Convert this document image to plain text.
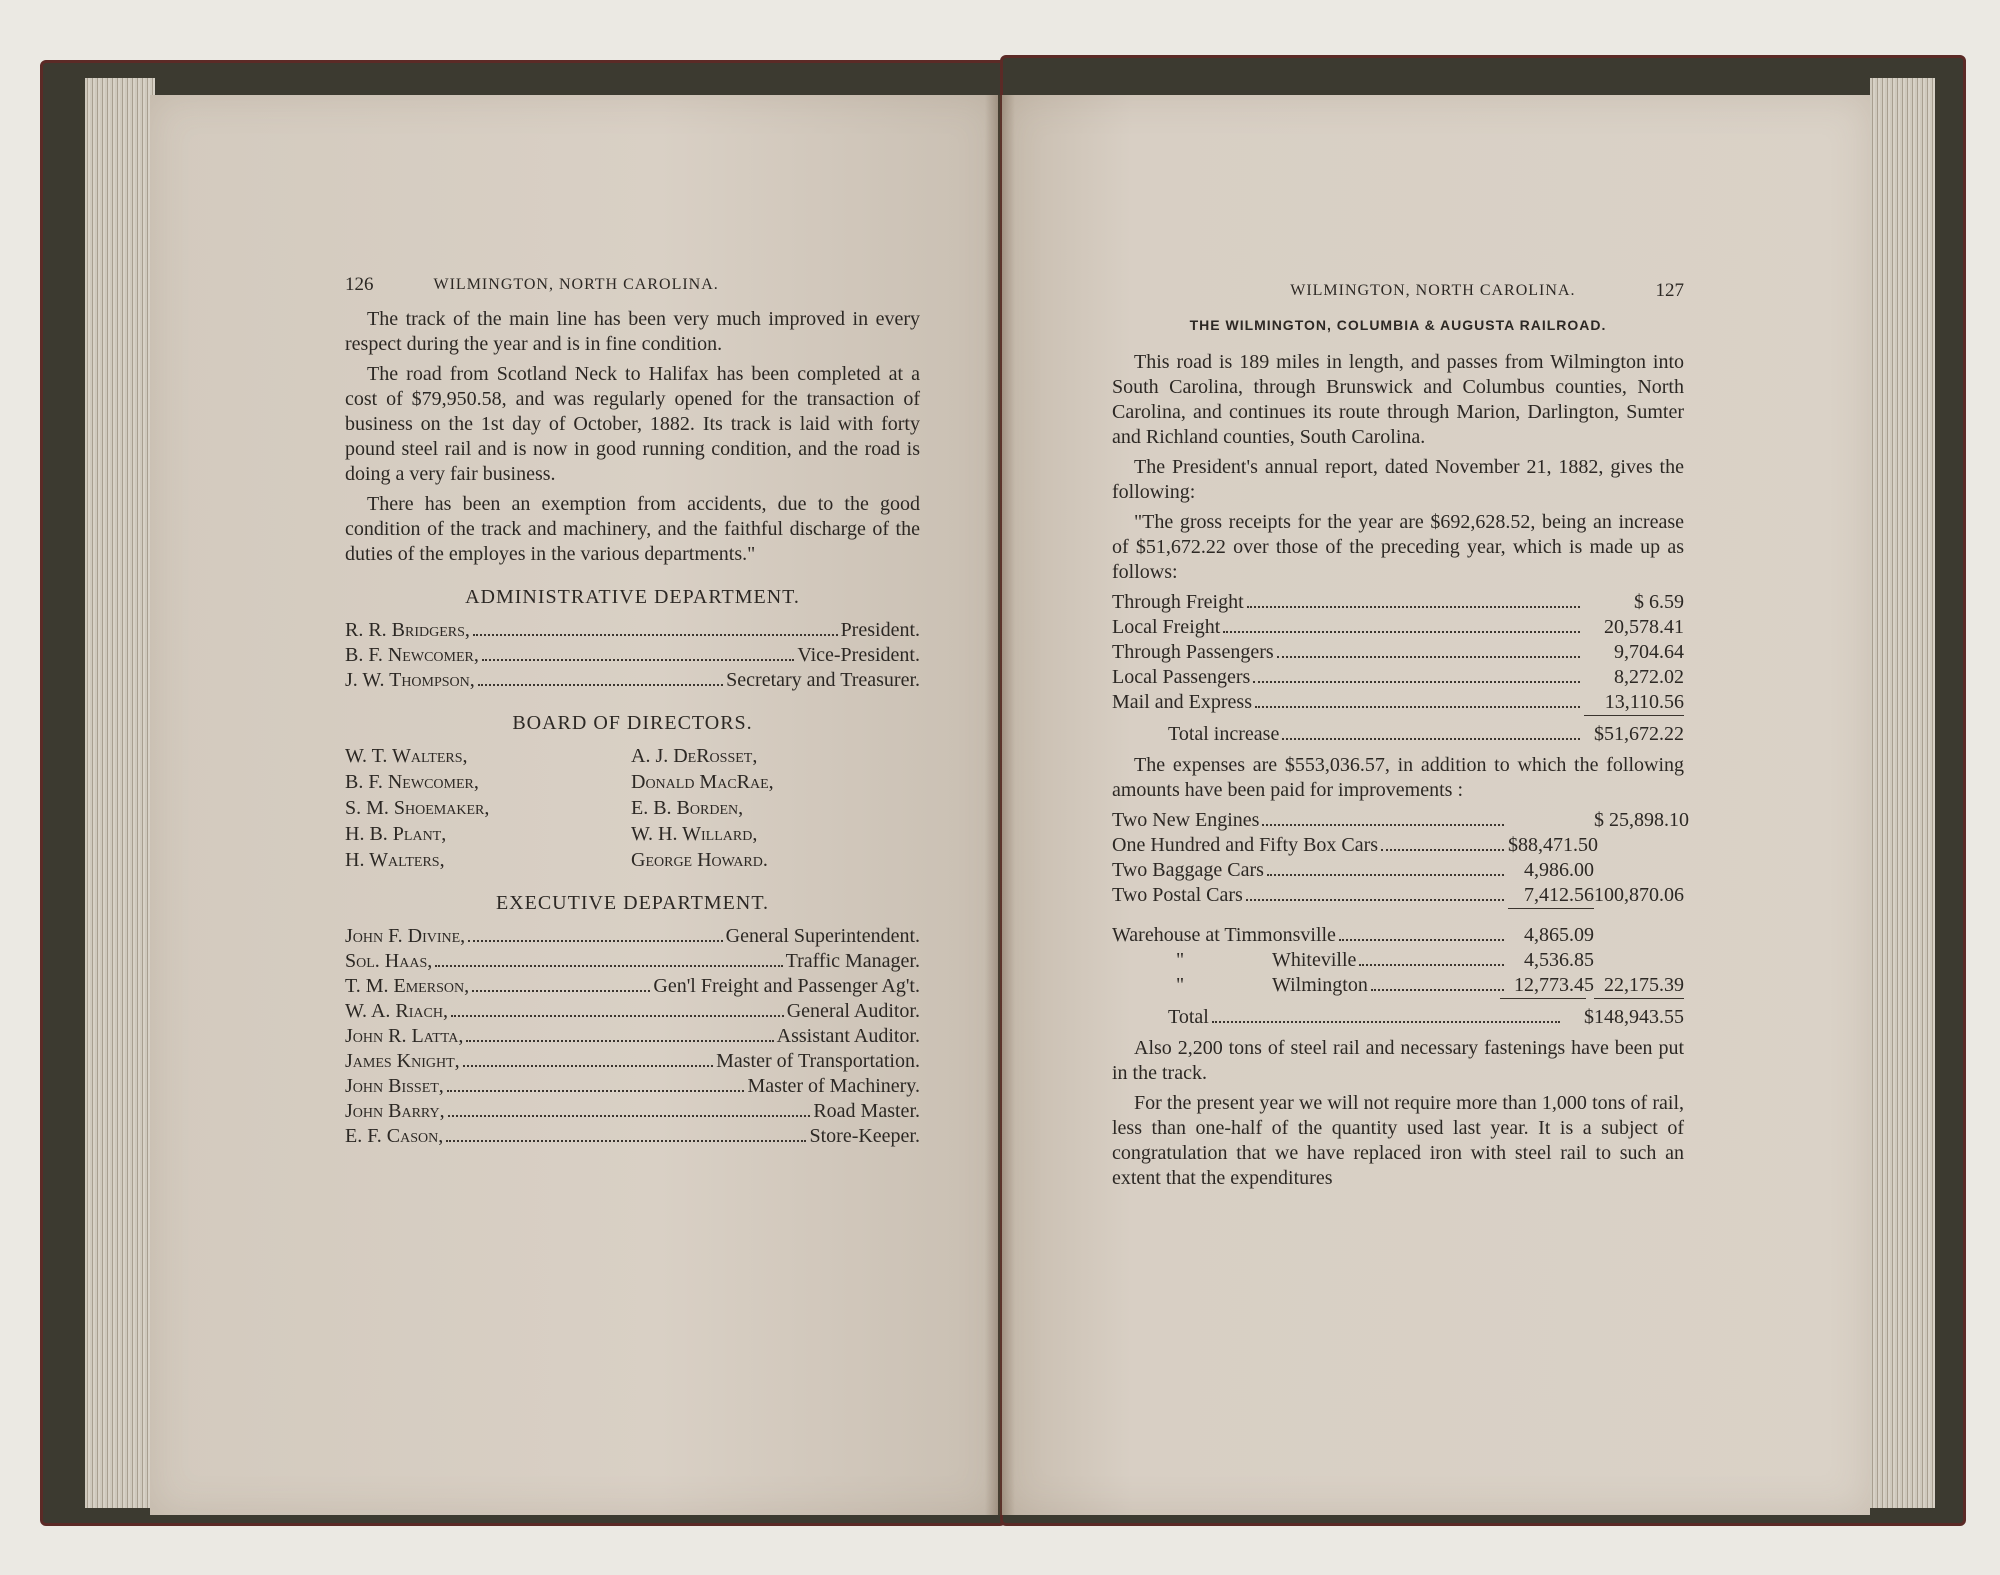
126	WILMINGTON, NORTH CAROLINA.

The track of the main line has been very much improved in every respect during the year and is in fine condition.

The road from Scotland Neck to Halifax has been completed at a cost of $79,950.58, and was regularly opened for the transaction of business on the 1st day of October, 1882. Its track is laid with forty pound steel rail and is now in good running condition, and the road is doing a very fair business.

There has been an exemption from accidents, due to the good condition of the track and machinery, and the faithful discharge of the duties of the employes in the various departments."

ADMINISTRATIVE DEPARTMENT.
R. R. Bridgers,	President.
B. F. Newcomer,	Vice-President.
J. W. Thompson,	Secretary and Treasurer.
BOARD OF DIRECTORS.
W. T. Walters,	A. J. DeRosset,
B. F. Newcomer,	Donald MacRae,
S. M. Shoemaker,	E. B. Borden,
H. B. Plant,	W. H. Willard,
H. Walters,	George Howard.
EXECUTIVE DEPARTMENT.
John F. Divine,	General Superintendent.
Sol. Haas,	Traffic Manager.
T. M. Emerson,	Gen'l Freight and Passenger Ag't.
W. A. Riach,	General Auditor.
John R. Latta,	Assistant Auditor.
James Knight,	Master of Transportation.
John Bisset,	Master of Machinery.
John Barry,	Road Master.
E. F. Cason,	Store-Keeper.
WILMINGTON, NORTH CAROLINA.	127
THE WILMINGTON, COLUMBIA & AUGUSTA RAILROAD.

This road is 189 miles in length, and passes from Wilmington into South Carolina, through Brunswick and Columbus counties, North Carolina, and continues its route through Marion, Darlington, Sumter and Richland counties, South Carolina.

The President's annual report, dated November 21, 1882, gives the following:

"The gross receipts for the year are $692,628.52, being an increase of $51,672.22 over those of the preceding year, which is made up as follows:

Through Freight	$ 6.59
Local Freight	20,578.41
Through Passengers	9,704.64
Local Passengers	8,272.02
Mail and Express	13,110.56
Total increase	$51,672.22

The expenses are $553,036.57, in addition to which the following amounts have been paid for improvements :

Two New Engines	$ 25,898.10
One Hundred and Fifty Box Cars	$88,471.50
Two Baggage Cars	4,986.00
Two Postal Cars	7,412.56 100,870.06
Warehouse at Timmonsville	4,865.09
"	Whiteville	4,536.85
"	Wilmington	12,773.45 22,175.39
Total	$148,943.55

Also 2,200 tons of steel rail and necessary fastenings have been put in the track.

For the present year we will not require more than 1,000 tons of rail, less than one-half of the quantity used last year. It is a subject of congratulation that we have replaced iron with steel rail to such an extent that the expenditures
